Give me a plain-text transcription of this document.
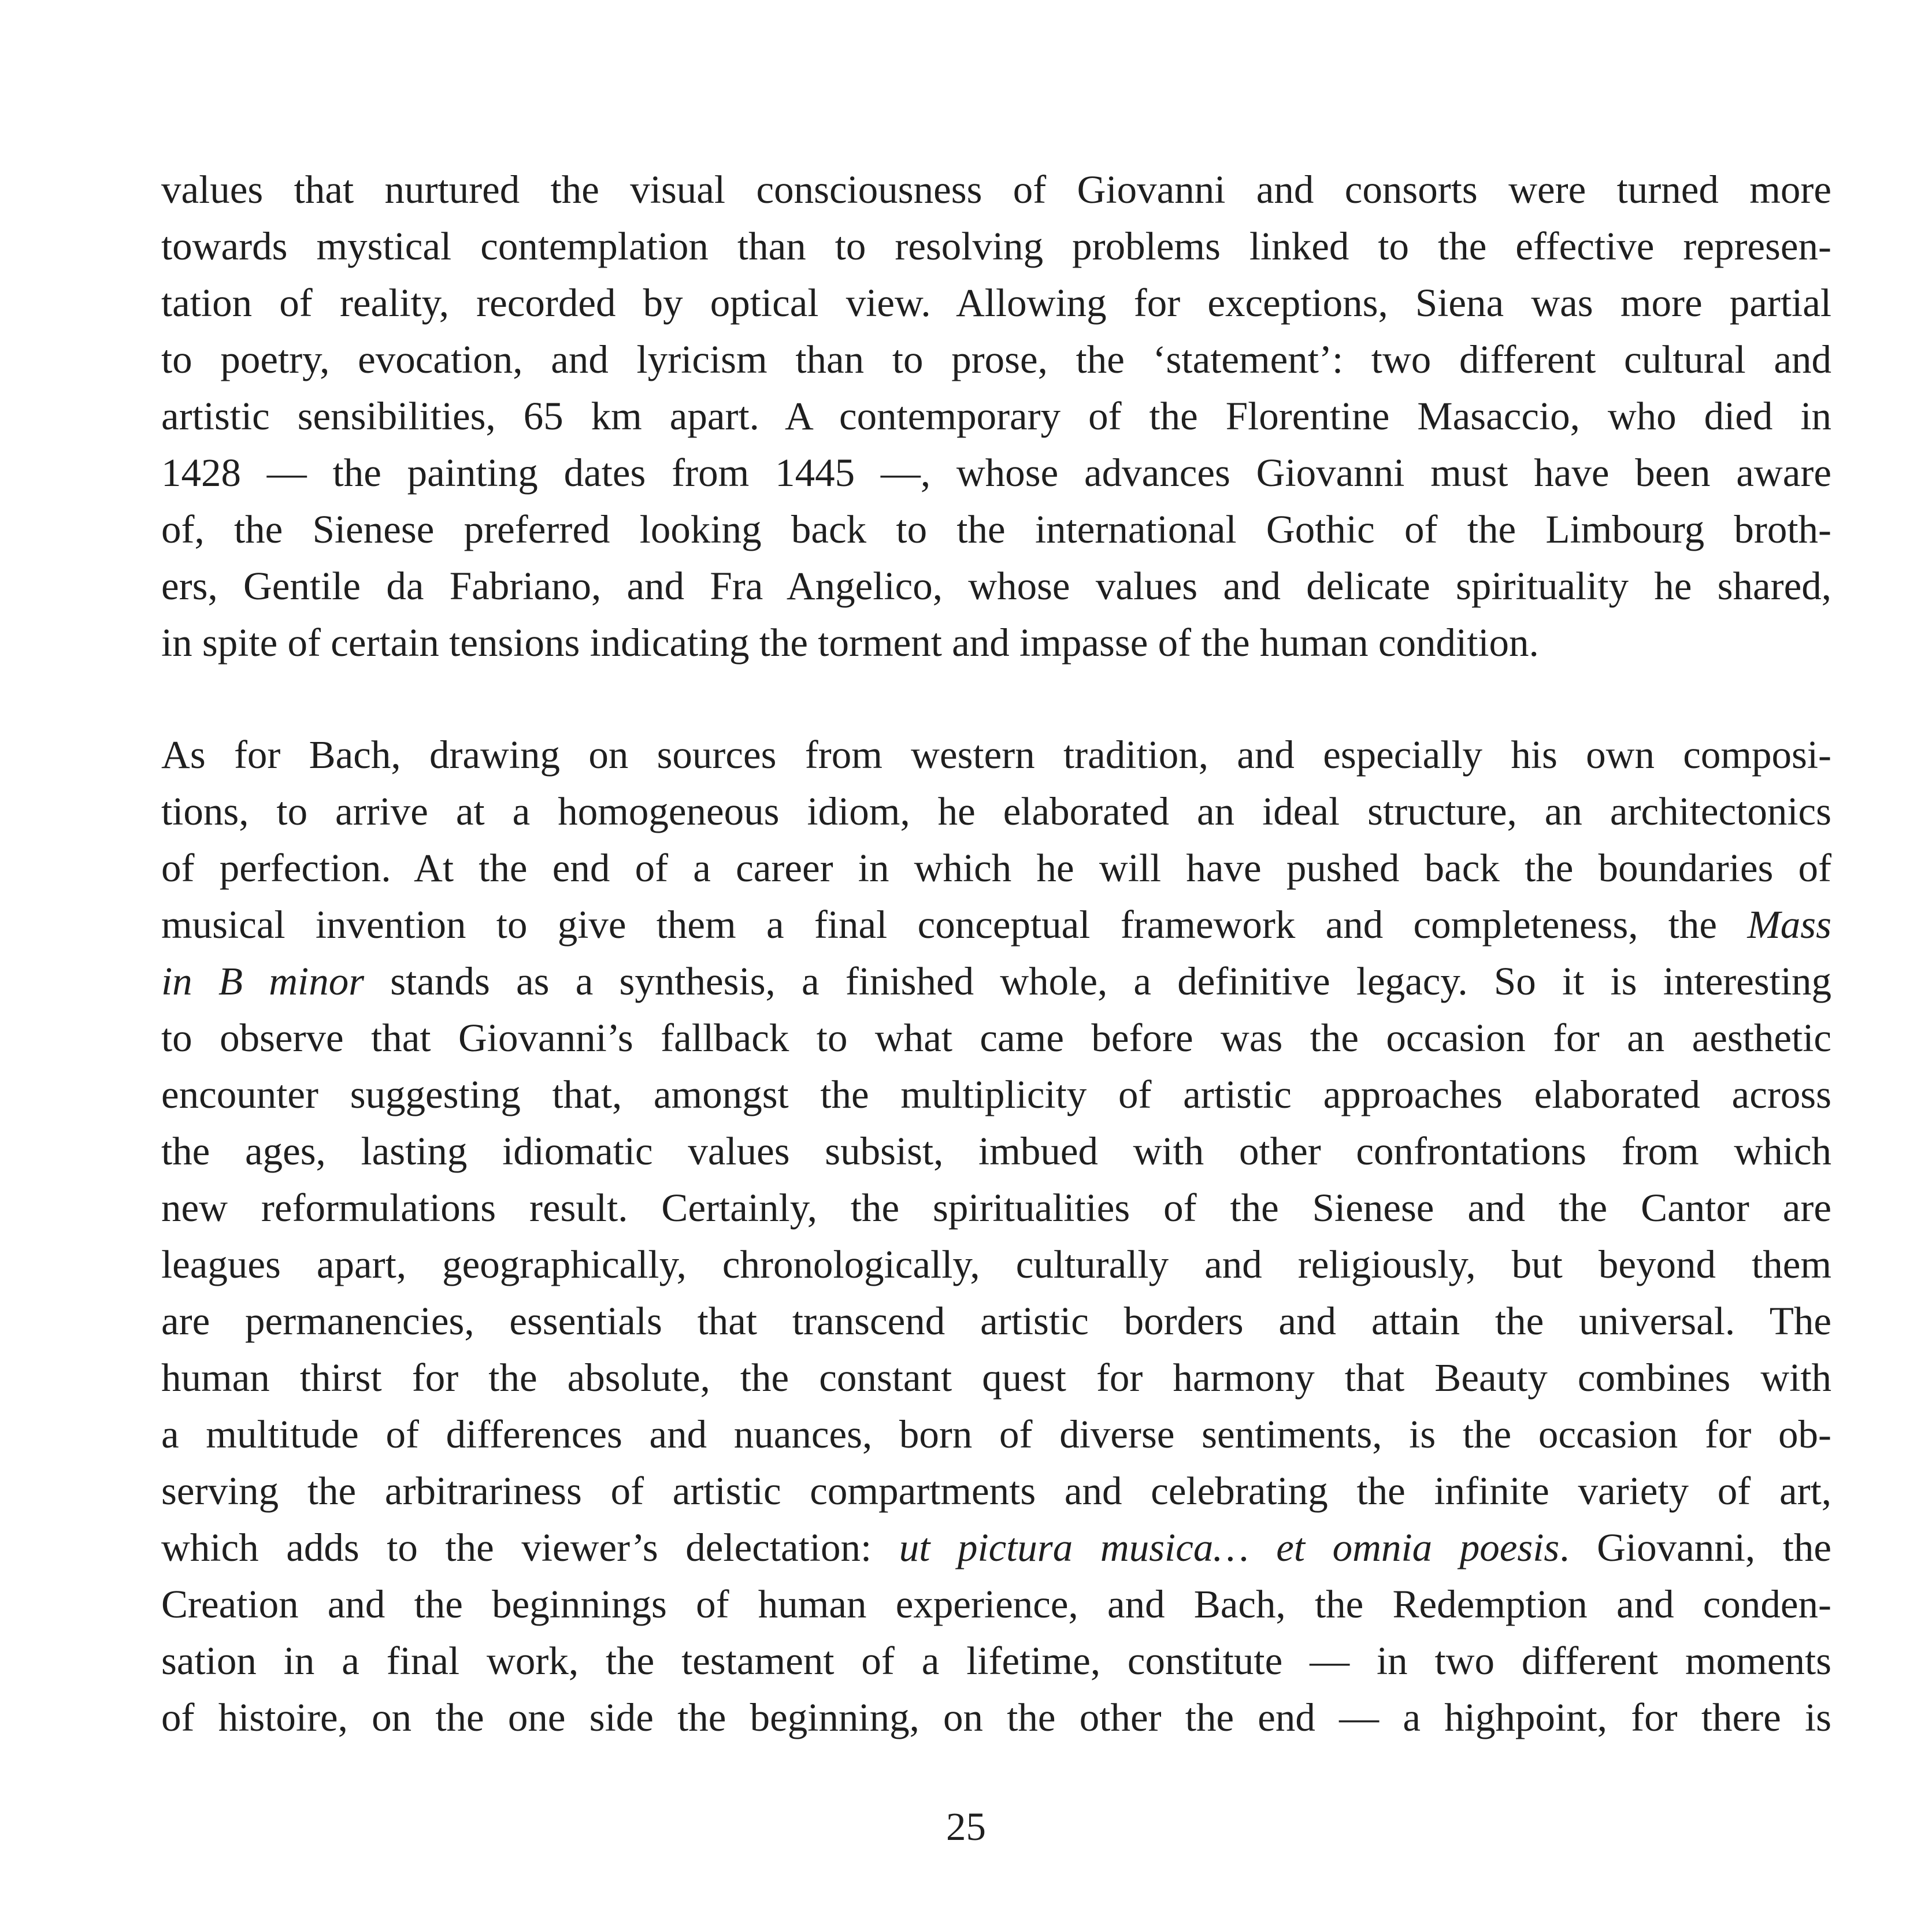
values that nurtured the visual consciousness of Giovanni and consorts were turned more
towards mystical contemplation than to resolving problems linked to the effective represen-
tation of reality, recorded by optical view. Allowing for exceptions, Siena was more partial
to poetry, evocation, and lyricism than to prose, the ‘statement’: two different cultural and
artistic sensibilities, 65 km apart. A contemporary of the Florentine Masaccio, who died in
1428 — the painting dates from 1445 —, whose advances Giovanni must have been aware
of, the Sienese preferred looking back to the international Gothic of the Limbourg broth-
ers, Gentile da Fabriano, and Fra Angelico, whose values and delicate spirituality he shared,
in spite of certain tensions indicating the torment and impasse of the human condition.
As for Bach, drawing on sources from western tradition, and especially his own composi-
tions, to arrive at a homogeneous idiom, he elaborated an ideal structure, an architectonics
of perfection. At the end of a career in which he will have pushed back the boundaries of
musical invention to give them a final conceptual framework and completeness, the Mass
in B minor stands as a synthesis, a finished whole, a definitive legacy. So it is interesting
to observe that Giovanni’s fallback to what came before was the occasion for an aesthetic
encounter suggesting that, amongst the multiplicity of artistic approaches elaborated across
the ages, lasting idiomatic values subsist, imbued with other confrontations from which
new reformulations result. Certainly, the spiritualities of the Sienese and the Cantor are
leagues apart, geographically, chronologically, culturally and religiously, but beyond them
are permanencies, essentials that transcend artistic borders and attain the universal. The
human thirst for the absolute, the constant quest for harmony that Beauty combines with
a multitude of differences and nuances, born of diverse sentiments, is the occasion for ob-
serving the arbitrariness of artistic compartments and celebrating the infinite variety of art,
which adds to the viewer’s delectation: ut pictura musica… et omnia poesis. Giovanni, the
Creation and the beginnings of human experience, and Bach, the Redemption and conden-
sation in a final work, the testament of a lifetime, constitute — in two different moments
of histoire, on the one side the beginning, on the other the end — a highpoint, for there is
25
